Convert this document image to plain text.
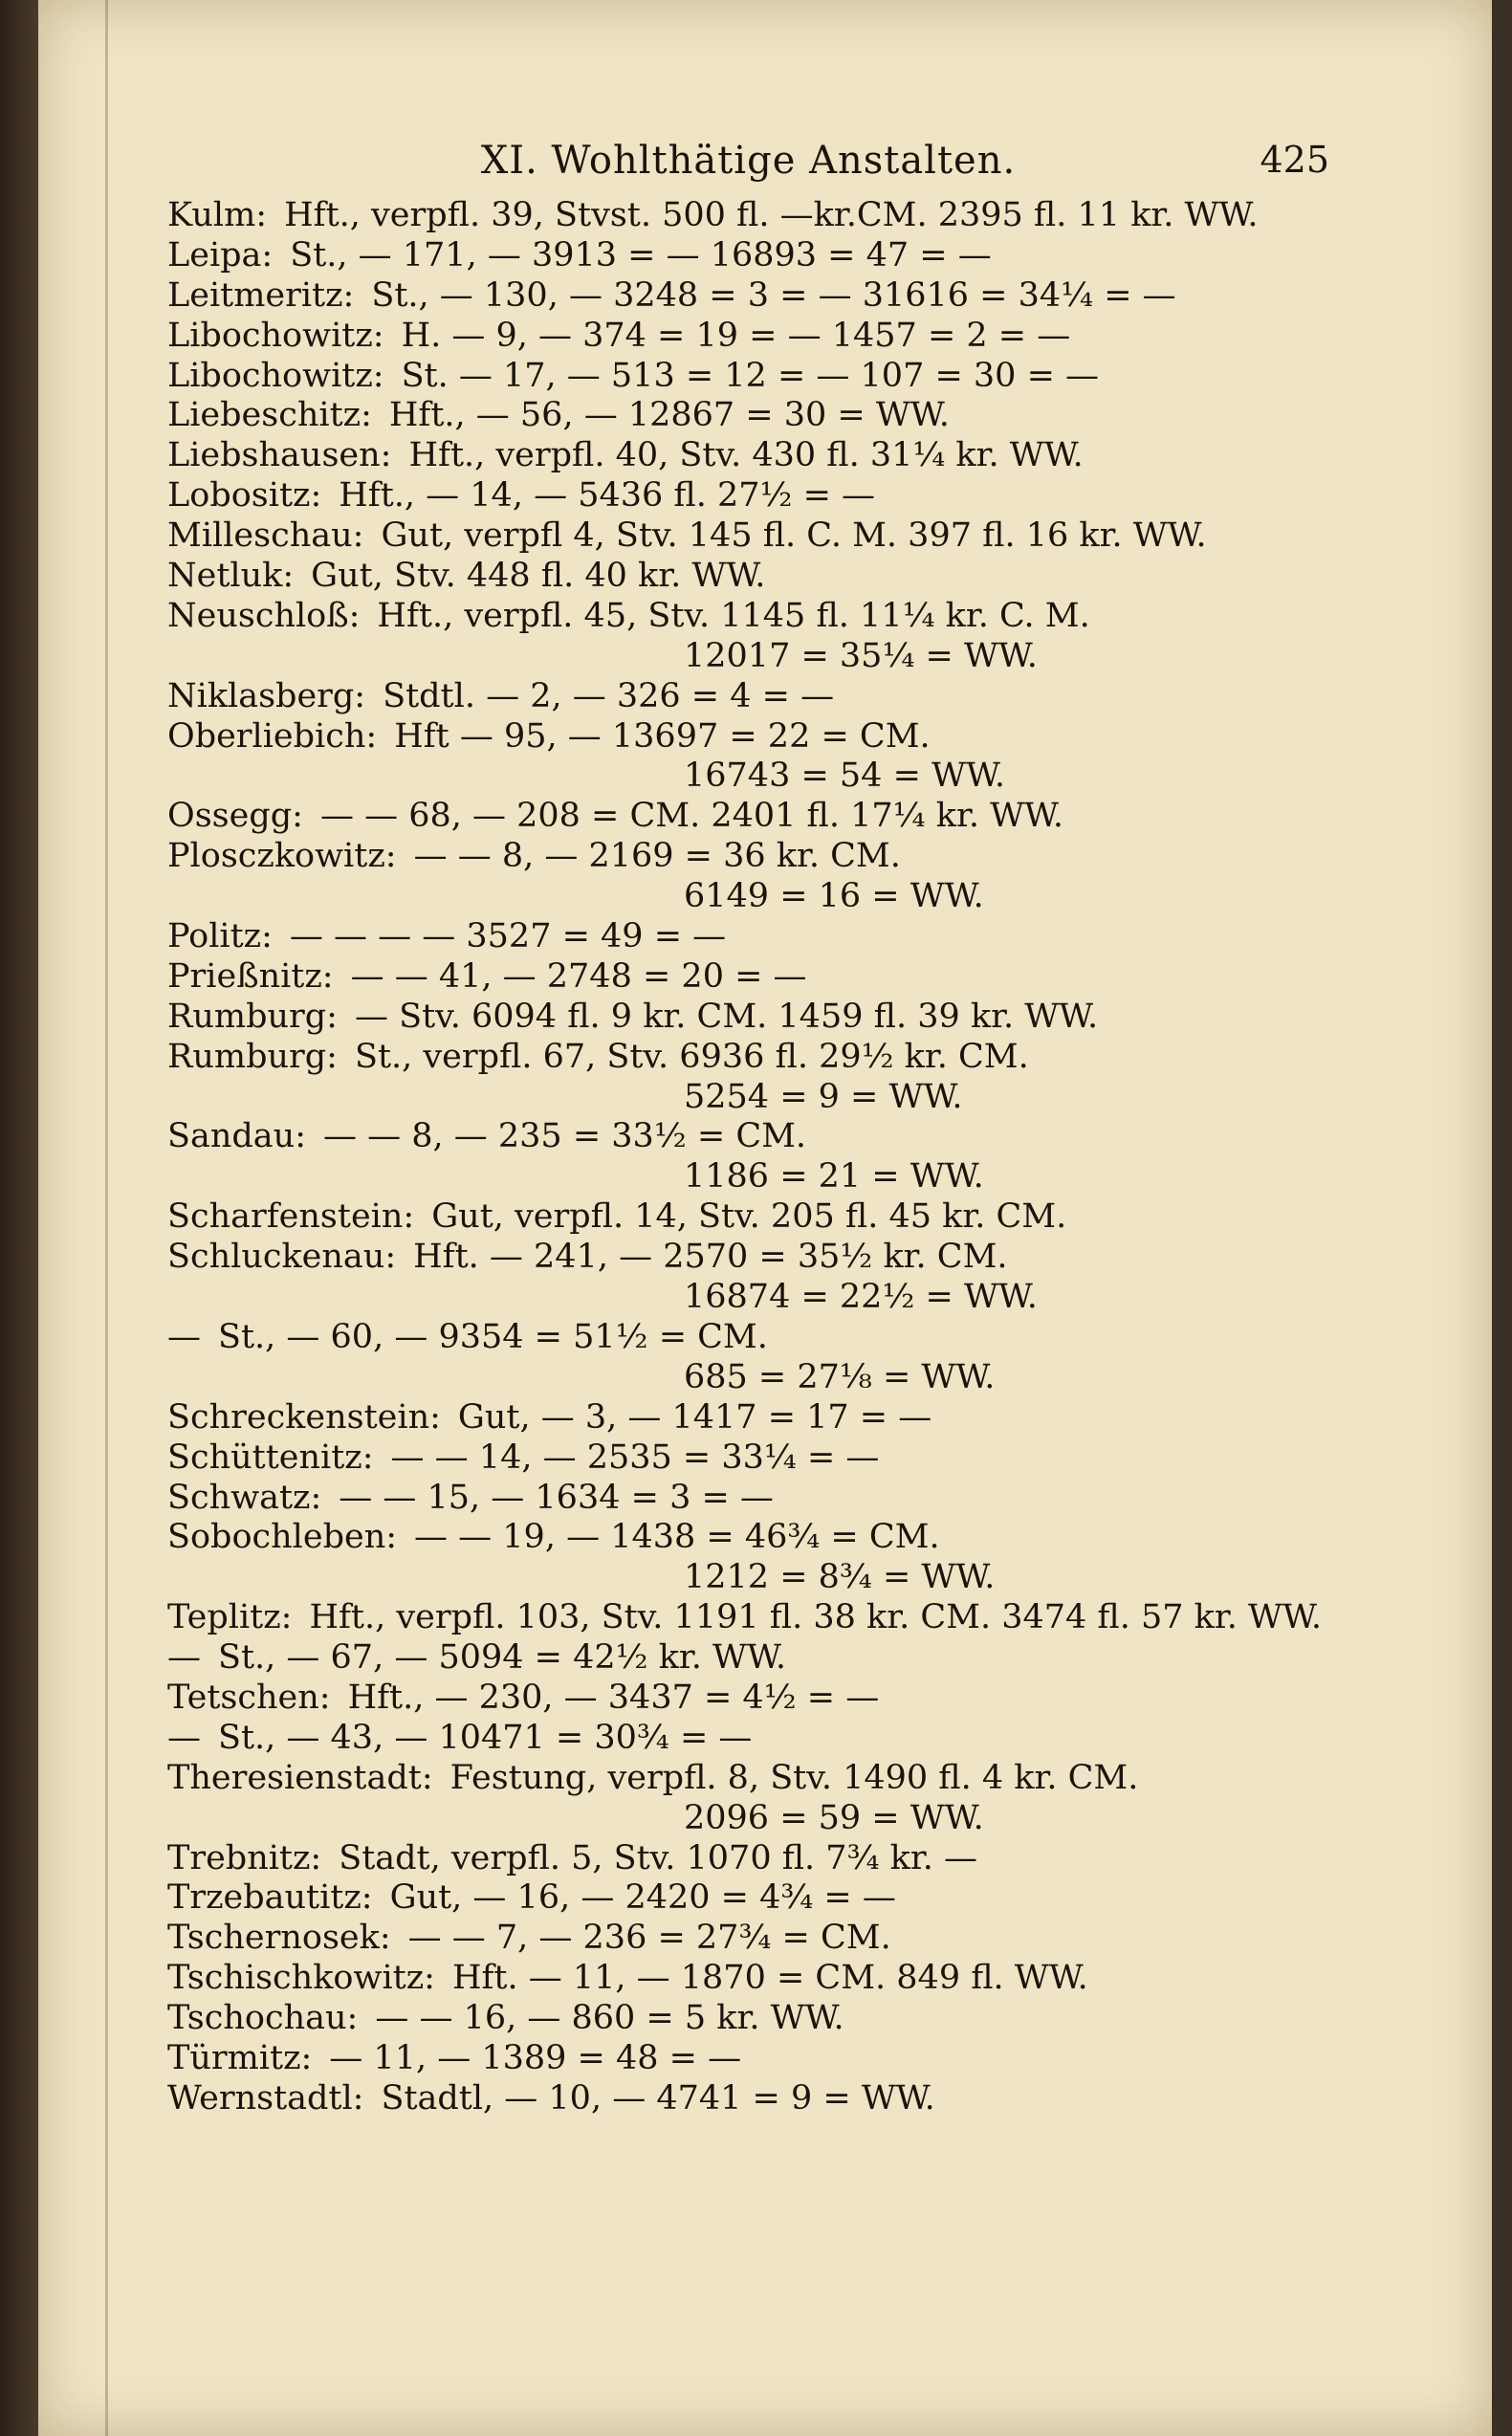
XI. Wohlthätige Anstalten.	425
Kulm: Hft., verpfl. 39, Stvst. 500 fl. —kr.CM. 2395 fl. 11 kr. WW.
Leipa: St., — 171, — 3913 = — 16893 = 47 = —
Leitmeritz: St., — 130, — 3248 = 3 = — 31616 = 34¼ = —
Libochowitz: H. — 9, — 374 = 19 = — 1457 = 2 = —
Libochowitz: St. — 17, — 513 = 12 = — 107 = 30 = —
Liebeschitz: Hft., — 56, — 12867 = 30 = WW.
Liebshausen: Hft., verpfl. 40, Stv. 430 fl. 31¼ kr. WW.
Lobositz: Hft., — 14, — 5436 fl. 27½ = —
Milleschau: Gut, verpfl 4, Stv. 145 fl. C. M. 397 fl. 16 kr. WW.
Netluk: Gut, Stv. 448 fl. 40 kr. WW.
Neuschloß: Hft., verpfl. 45, Stv. 1145 fl. 11¼ kr. C. M.
12017 = 35¼ = WW.
Niklasberg: Stdtl. — 2, — 326 = 4 = —
Oberliebich: Hft — 95, — 13697 = 22 = CM.
16743 = 54 = WW.
Ossegg: — — 68, — 208 = CM. 2401 fl. 17¼ kr. WW.
Plosczkowitz: — — 8, — 2169 = 36 kr. CM.
6149 = 16 = WW.
Politz: — — — — 3527 = 49 = —
Prießnitz: — — 41, — 2748 = 20 = —
Rumburg: — Stv. 6094 fl. 9 kr. CM. 1459 fl. 39 kr. WW.
Rumburg: St., verpfl. 67, Stv. 6936 fl. 29½ kr. CM.
5254 = 9 = WW.
Sandau: — — 8, — 235 = 33½ = CM.
1186 = 21 = WW.
Scharfenstein: Gut, verpfl. 14, Stv. 205 fl. 45 kr. CM.
Schluckenau: Hft. — 241, — 2570 = 35½ kr. CM.
16874 = 22½ = WW.
— St., — 60, — 9354 = 51½ = CM.
685 = 27⅛ = WW.
Schreckenstein: Gut, — 3, — 1417 = 17 = —
Schüttenitz: — — 14, — 2535 = 33¼ = —
Schwatz: — — 15, — 1634 = 3 = —
Sobochleben: — — 19, — 1438 = 46¾ = CM.
1212 = 8¾ = WW.
Teplitz: Hft., verpfl. 103, Stv. 1191 fl. 38 kr. CM. 3474 fl. 57 kr. WW.
— St., — 67, — 5094 = 42½ kr. WW.
Tetschen: Hft., — 230, — 3437 = 4½ = —
— St., — 43, — 10471 = 30¾ = —
Theresienstadt: Festung, verpfl. 8, Stv. 1490 fl. 4 kr. CM.
2096 = 59 = WW.
Trebnitz: Stadt, verpfl. 5, Stv. 1070 fl. 7¾ kr. —
Trzebautitz: Gut, — 16, — 2420 = 4¾ = —
Tschernosek: — — 7, — 236 = 27¾ = CM.
Tschischkowitz: Hft. — 11, — 1870 = CM. 849 fl. WW.
Tschochau: — — 16, — 860 = 5 kr. WW.
Türmitz: — 11, — 1389 = 48 = —
Wernstadtl: Stadtl, — 10, — 4741 = 9 = WW.
